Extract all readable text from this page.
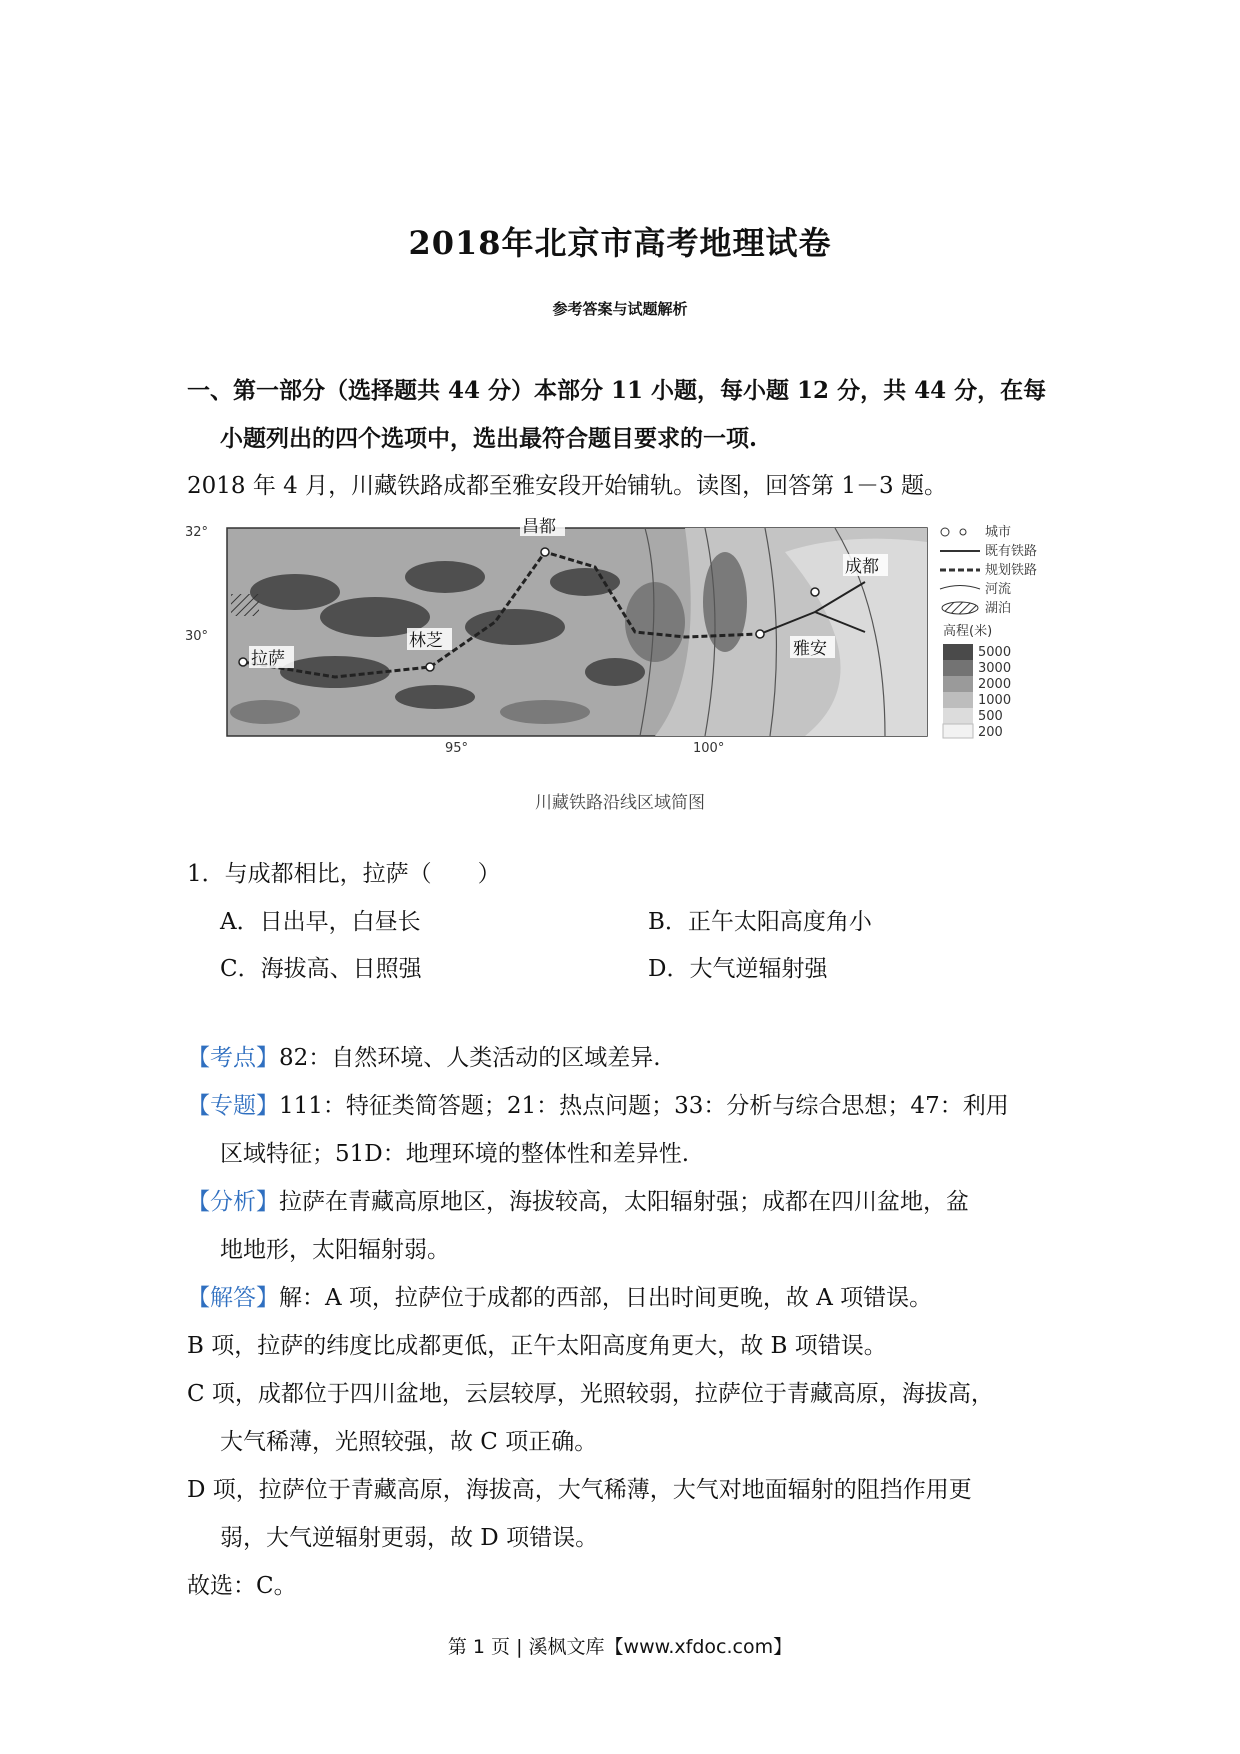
2018年北京市高考地理试卷
参考答案与试题解析
一、第一部分（选择题共 44 分）本部分 11 小题，每小题 12 分，共 44 分，在每
小题列出的四个选项中，选出最符合题目要求的一项.
2018 年 4 月，川藏铁路成都至雅安段开始铺轨。读图，回答第 1－3 题。
昌都
成都
拉萨
林芝	雅安
32°
30°
95°	100°
城市
既有铁路
规划铁路
河流
湖泊
高程(米)
5000
3000
2000
1000
500
200
川藏铁路沿线区域简图
1．与成都相比，拉萨（　　）
A．日出早，白昼长	B．正午太阳高度角小
C．海拔高、日照强	D．大气逆辐射强
【考点】82：自然环境、人类活动的区域差异.
【专题】111：特征类简答题；21：热点问题；33：分析与综合思想；47：利用
区域特征；51D：地理环境的整体性和差异性.
【分析】拉萨在青藏高原地区，海拔较高，太阳辐射强；成都在四川盆地，盆
地地形，太阳辐射弱。
【解答】解：A 项，拉萨位于成都的西部，日出时间更晚，故 A 项错误。
B 项，拉萨的纬度比成都更低，正午太阳高度角更大，故 B 项错误。
C 项，成都位于四川盆地，云层较厚，光照较弱，拉萨位于青藏高原，海拔高，
大气稀薄，光照较强，故 C 项正确。
D 项，拉萨位于青藏高原，海拔高，大气稀薄，大气对地面辐射的阻挡作用更
弱，大气逆辐射更弱，故 D 项错误。
故选：C。
第 1 页 | 溪枫文库【www.xfdoc.com】
